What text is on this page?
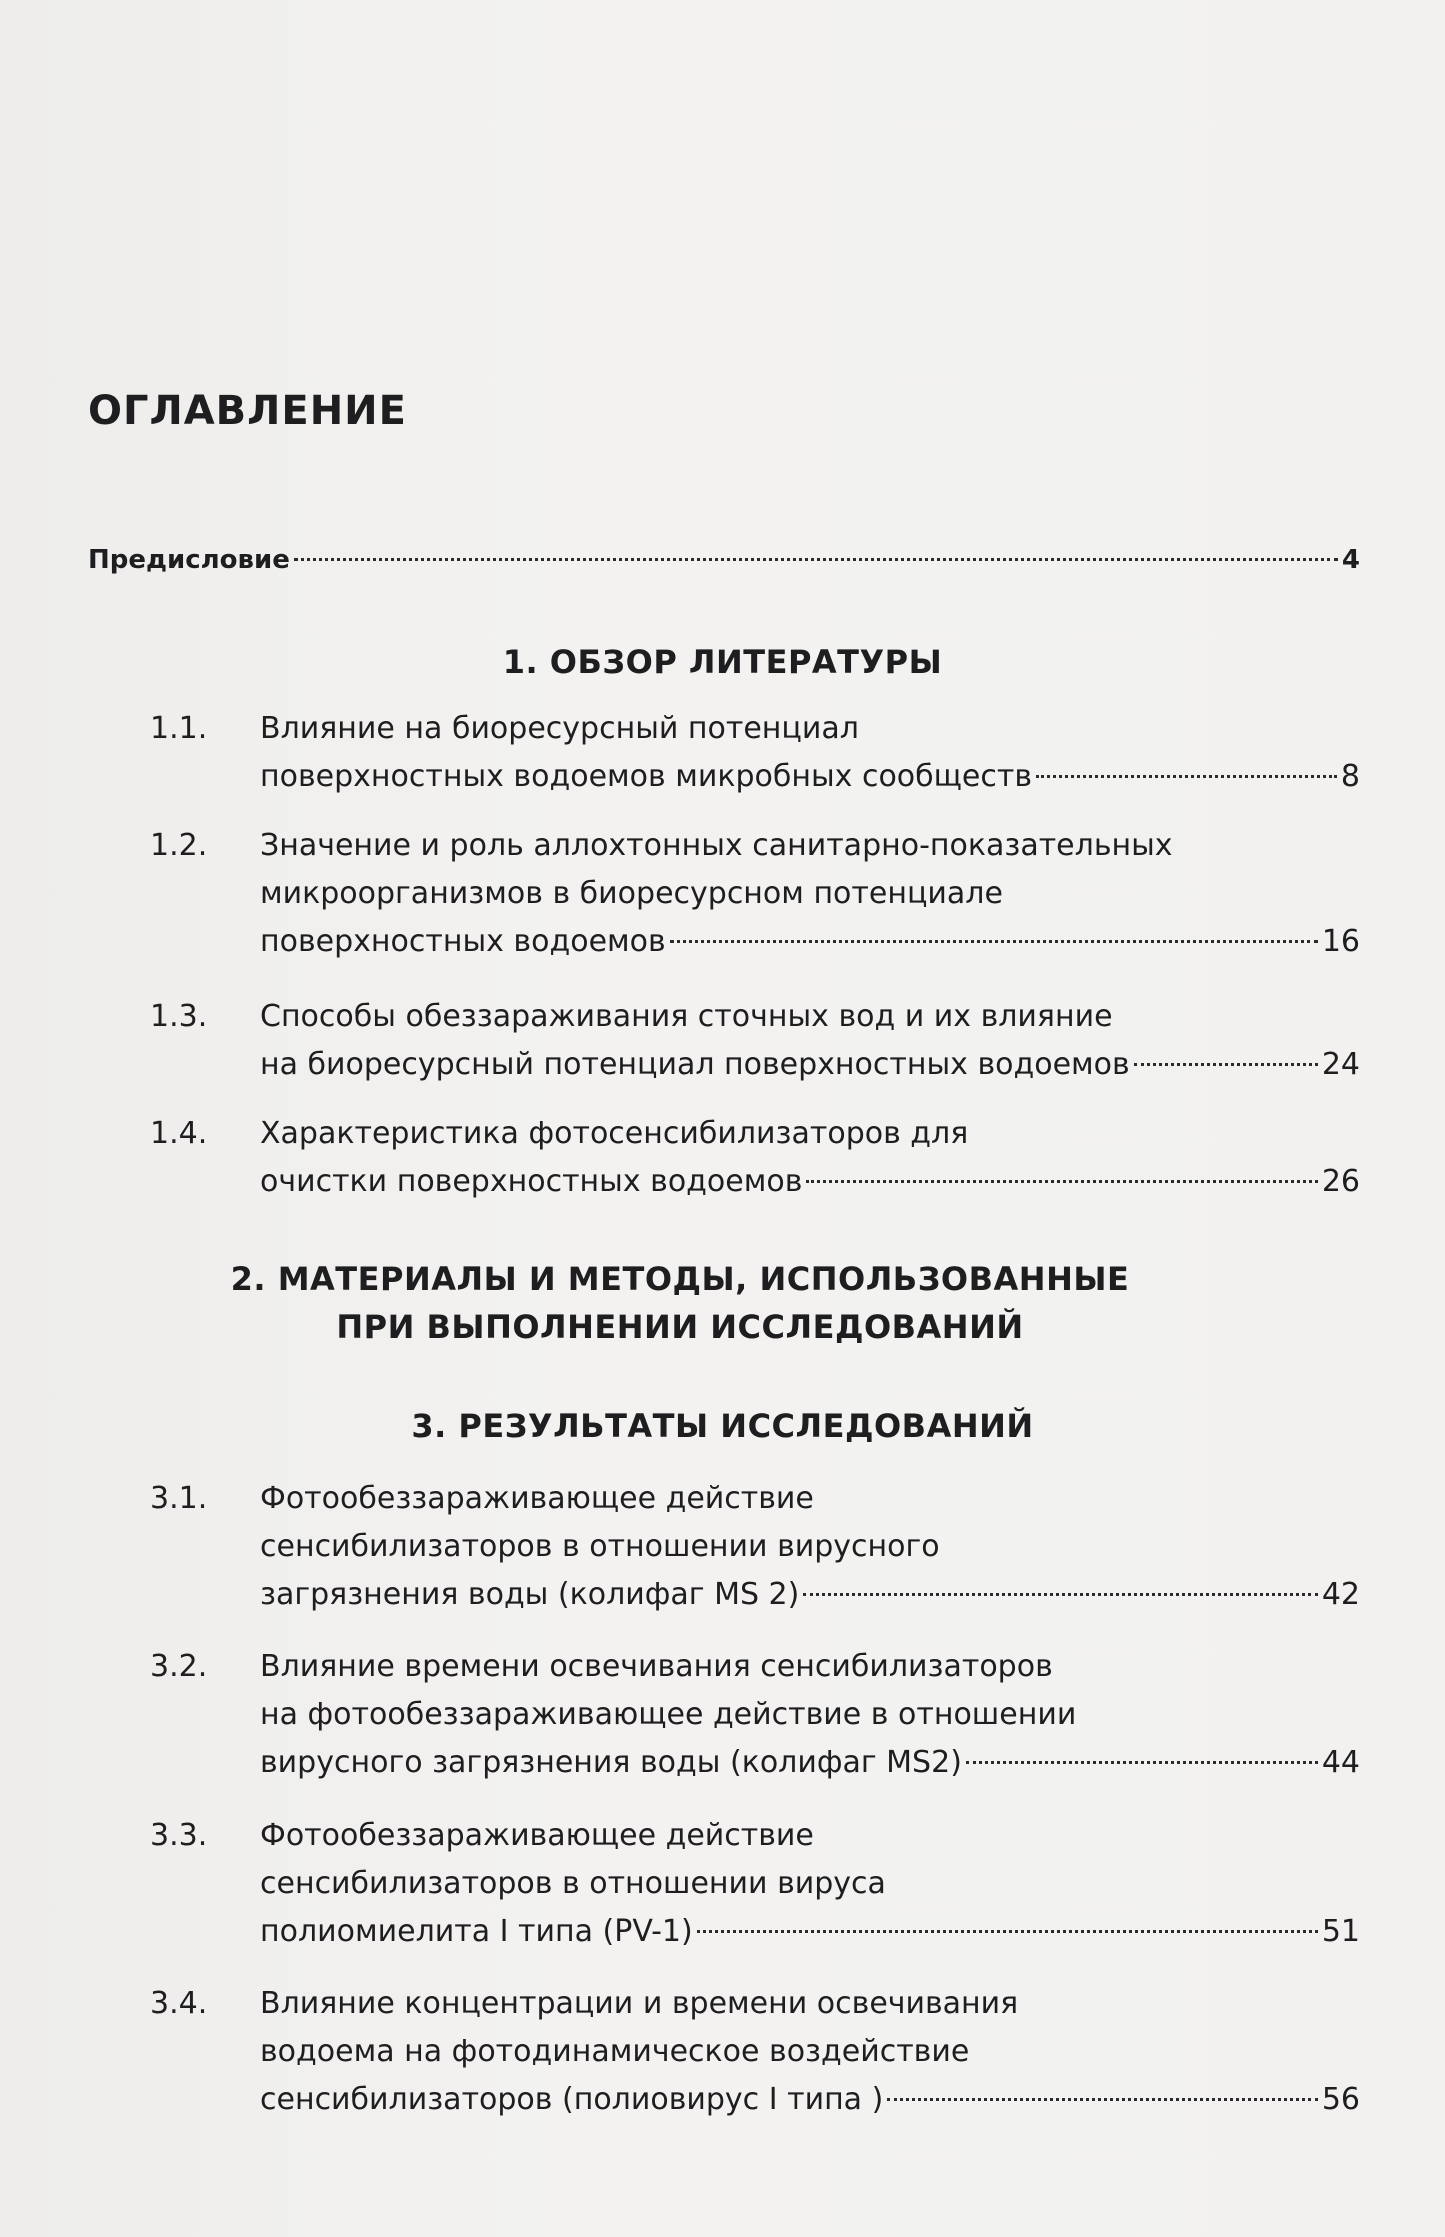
ОГЛАВЛЕНИЕ
Предисловие	4
1. ОБЗОР ЛИТЕРАТУРЫ
1.1.	Влияние на биоресурсный потенциал
поверхностных водоемов микробных сообществ	8
1.2.	Значение и роль аллохтонных санитарно-показательных
микроорганизмов в биоресурсном потенциале
поверхностных водоемов	16
1.3.	Способы обеззараживания сточных вод и их влияние
на биоресурсный потенциал поверхностных водоемов	24
1.4.	Характеристика фотосенсибилизаторов для
очистки поверхностных водоемов	26
2. МАТЕРИАЛЫ И МЕТОДЫ, ИСПОЛЬЗОВАННЫЕ
ПРИ ВЫПОЛНЕНИИ ИССЛЕДОВАНИЙ
3. РЕЗУЛЬТАТЫ ИССЛЕДОВАНИЙ
3.1.	Фотообеззараживающее действие
сенсибилизаторов в отношении вирусного
загрязнения воды (колифаг MS 2)	42
3.2.	Влияние времени освечивания сенсибилизаторов
на фотообеззараживающее действие в отношении
вирусного загрязнения воды (колифаг MS2)	44
3.3.	Фотообеззараживающее действие
сенсибилизаторов в отношении вируса
полиомиелита I типа (PV-1)	51
3.4.	Влияние концентрации и времени освечивания
водоема на фотодинамическое воздействие
сенсибилизаторов (полиовирус I типа )	56
